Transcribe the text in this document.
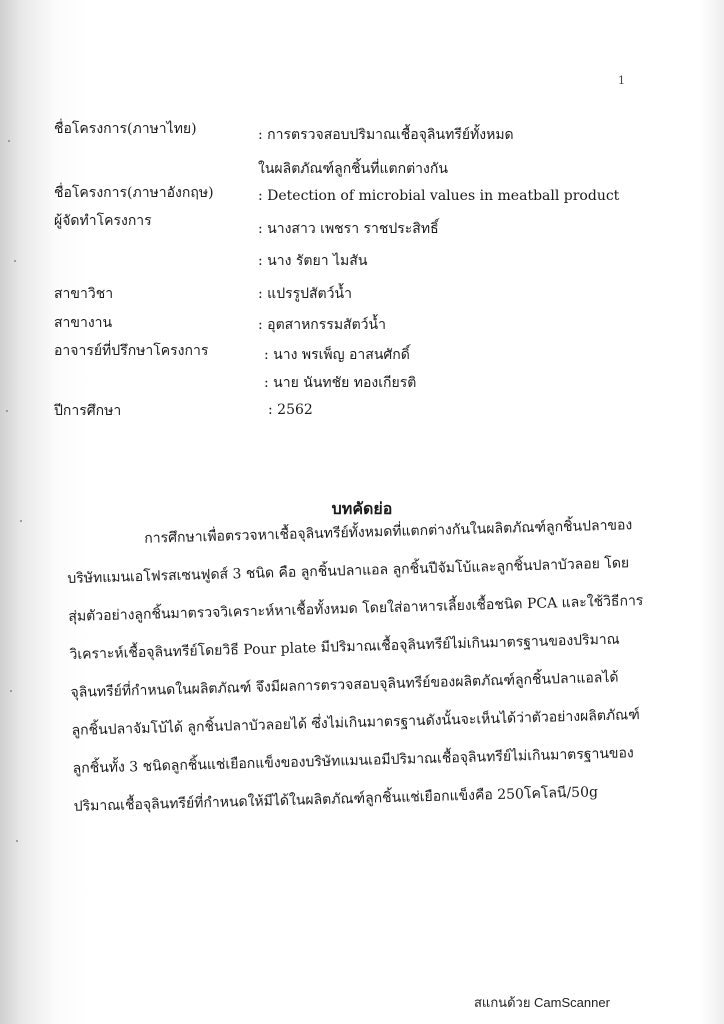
1
ชื่อโครงการ(ภาษาไทย)	: การตรวจสอบปริมาณเชื้อจุลินทรีย์ทั้งหมด
ในผลิตภัณฑ์ลูกชิ้นที่แตกต่างกัน
ชื่อโครงการ(ภาษาอังกฤษ)	: Detection of microbial values in meatball product
ผู้จัดทำโครงการ	: นางสาว เพชรา ราชประสิทธิ์
: นาง รัตยา ไมสัน
สาขาวิชา	: แปรรูปสัตว์น้ำ
สาขางาน	: อุตสาหกรรมสัตว์น้ำ
อาจารย์ที่ปรึกษาโครงการ	: นาง พรเพ็ญ อาสนศักดิ์
: นาย นันทชัย ทองเกียรติ
ปีการศึกษา	: 2562
บทคัดย่อ
การศึกษาเพื่อตรวจหาเชื้อจุลินทรีย์ทั้งหมดที่แตกต่างกันในผลิตภัณฑ์ลูกชิ้นปลาของ
บริษัทแมนเอโฟรสเซนฟูดส์ 3 ชนิด คือ ลูกชิ้นปลาแอล ลูกชิ้นปีจัมโบ้และลูกชิ้นปลาบัวลอย โดย
สุ่มตัวอย่างลูกชิ้นมาตรวจวิเคราะห์หาเชื้อทั้งหมด โดยใส่อาหารเลี้ยงเชื้อชนิด PCA และใช้วิธีการ
วิเคราะห์เชื้อจุลินทรีย์โดยวิธี Pour plate มีปริมาณเชื้อจุลินทรีย์ไม่เกินมาตรฐานของปริมาณ
จุลินทรีย์ที่กำหนดในผลิตภัณฑ์ จึงมีผลการตรวจสอบจุลินทรีย์ของผลิตภัณฑ์ลูกชิ้นปลาแอลได้
ลูกชิ้นปลาจัมโบ้ได้ ลูกชิ้นปลาบัวลอยได้ ซึ่งไม่เกินมาตรฐานดังนั้นจะเห็นได้ว่าตัวอย่างผลิตภัณฑ์
ลูกชิ้นทั้ง 3 ชนิดลูกชิ้นแช่เยือกแข็งของบริษัทแมนเอมีปริมาณเชื้อจุลินทรีย์ไม่เกินมาตรฐานของ
ปริมาณเชื้อจุลินทรีย์ที่กำหนดให้มีได้ในผลิตภัณฑ์ลูกชิ้นแช่เยือกแข็งคือ 250โคโลนี/50g
สแกนด้วย CamScanner
